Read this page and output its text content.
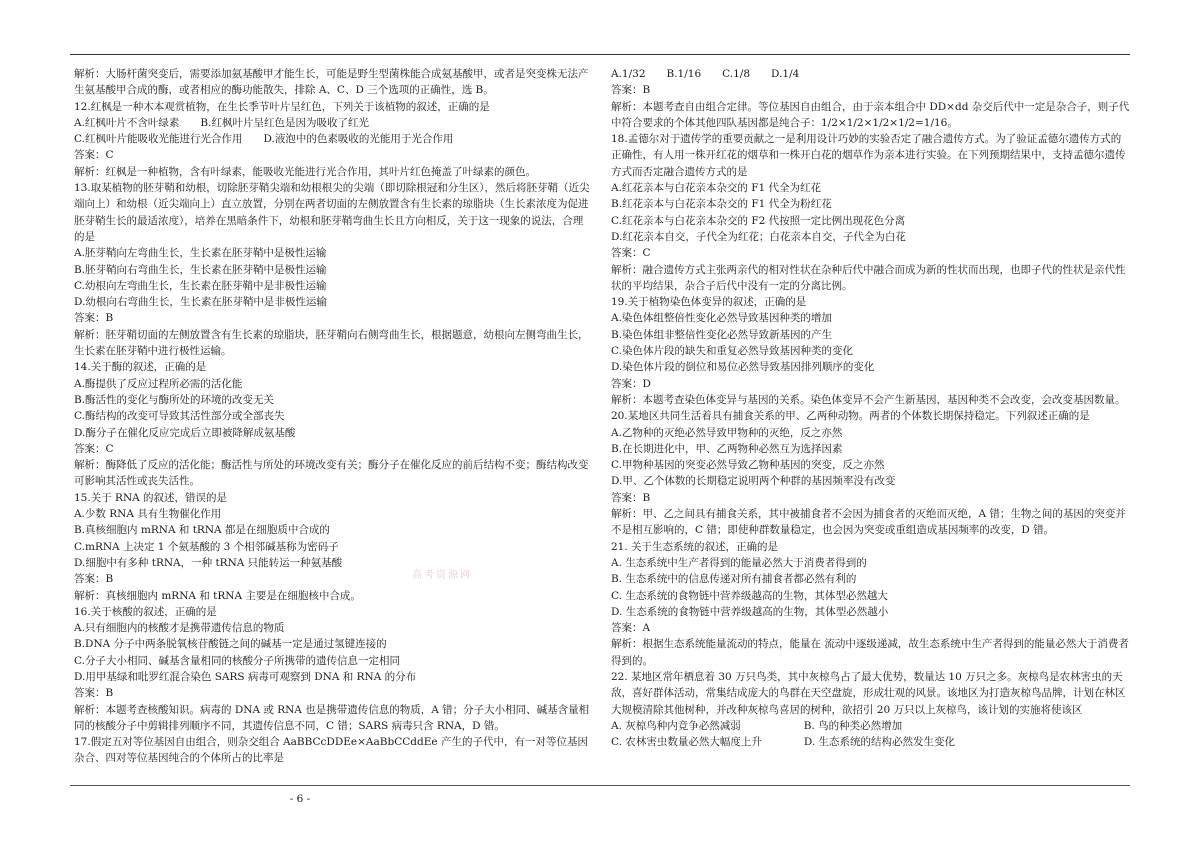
解析：大肠杆菌突变后，需要添加氨基酸甲才能生长，可能是野生型菌株能合成氨基酸甲，或者是突变株无法产生氨基酸甲合成的酶，或者相应的酶功能散失，排除 A、C、D 三个选项的正确性，选 B。

12.红枫是一种木本观赏植物，在生长季节叶片呈红色，下列关于该植物的叙述，正确的是

A.红枫叶片不含叶绿素　　B.红枫叶片呈红色是因为吸收了红光

C.红枫叶片能吸收光能进行光合作用　　D.液泡中的色素吸收的光能用于光合作用

答案：C

解析：红枫是一种植物，含有叶绿素，能吸收光能进行光合作用，其叶片红色掩盖了叶绿素的颜色。

13.取某植物的胚芽鞘和幼根，切除胚芽鞘尖端和幼根根尖的尖端（即切除根冠和分生区），然后将胚芽鞘（近尖端向上）和幼根（近尖端向上）直立放置，分别在两者切面的左侧放置含有生长素的琼脂块（生长素浓度为促进胚芽鞘生长的最适浓度），培养在黑暗条件下，幼根和胚芽鞘弯曲生长且方向相反，关于这一现象的说法，合理的是

A.胚芽鞘向左弯曲生长，生长素在胚芽鞘中是极性运输

B.胚芽鞘向右弯曲生长，生长素在胚芽鞘中是极性运输

C.幼根向左弯曲生长，生长素在胚芽鞘中是非极性运输

D.幼根向右弯曲生长，生长素在胚芽鞘中是非极性运输

答案：B

解析：胚芽鞘切面的左侧放置含有生长素的琼脂块，胚芽鞘向右侧弯曲生长，根据题意，幼根向左侧弯曲生长，生长素在胚芽鞘中进行极性运输。

14.关于酶的叙述，正确的是

A.酶提供了反应过程所必需的活化能

B.酶活性的变化与酶所处的环境的改变无关

C.酶结构的改变可导致其活性部分或全部丧失

D.酶分子在催化反应完成后立即被降解成氨基酸

答案：C

解析：酶降低了反应的活化能；酶活性与所处的环境改变有关；酶分子在催化反应的前后结构不变；酶结构改变可影响其活性或丧失活性。

15.关于 RNA 的叙述，错误的是

A.少数 RNA 具有生物催化作用

B.真核细胞内 mRNA 和 tRNA 都是在细胞质中合成的

C.mRNA 上决定 1 个氨基酸的 3 个相邻碱基称为密码子

D.细胞中有多种 tRNA，一种 tRNA 只能转运一种氨基酸

答案：B

解析：真核细胞内 mRNA 和 tRNA 主要是在细胞核中合成。

16.关于核酸的叙述，正确的是

A.只有细胞内的核酸才是携带遗传信息的物质

B.DNA 分子中两条脱氧核苷酸链之间的碱基一定是通过氢键连接的

C.分子大小相同、碱基含量相同的核酸分子所携带的遗传信息一定相同

D.用甲基绿和吡罗红混合染色 SARS 病毒可观察到 DNA 和 RNA 的分布

答案：B

解析：本题考查核酸知识。病毒的 DNA 或 RNA 也是携带遗传信息的物质，A 错；分子大小相同、碱基含量相同的核酸分子中剪辑排列顺序不同，其遗传信息不同，C 错；SARS 病毒只含 RNA，D 错。

17.假定五对等位基因自由组合，则杂交组合 AaBBCcDDEe×AaBbCCddEe 产生的子代中，有一对等位基因杂合、四对等位基因纯合的个体所占的比率是

A.1/32　　B.1/16　　C.1/8　　D.1/4

答案：B

解析：本题考查自由组合定律。等位基因自由组合，由于亲本组合中 DD×dd 杂交后代中一定是杂合子，则子代中符合要求的个体其他四队基因都是纯合子：1/2×1/2×1/2×1/2=1/16。

18.孟德尔对于遗传学的重要贡献之一是利用设计巧妙的实验否定了融合遗传方式。为了验证孟德尔遗传方式的正确性，有人用一株开红花的烟草和一株开白花的烟草作为亲本进行实验。在下列预期结果中，支持孟德尔遗传方式而否定融合遗传方式的是

A.红花亲本与白花亲本杂交的 F1 代全为红花

B.红花亲本与白花亲本杂交的 F1 代全为粉红花

C.红花亲本与白花亲本杂交的 F2 代按照一定比例出现花色分离

D.红花亲本自交，子代全为红花；白花亲本自交，子代全为白花

答案：C

解析：融合遗传方式主张两亲代的相对性状在杂种后代中融合而成为新的性状而出现，也即子代的性状是亲代性状的平均结果，杂合子后代中没有一定的分离比例。

19.关于植物染色体变异的叙述，正确的是

A.染色体组整倍性变化必然导致基因种类的增加

B.染色体组非整倍性变化必然导致新基因的产生

C.染色体片段的缺失和重复必然导致基因种类的变化

D.染色体片段的倒位和易位必然导致基因排列顺序的变化

答案：D

解析：本题考查染色体变异与基因的关系。染色体变异不会产生新基因，基因种类不会改变，会改变基因数量。

20.某地区共同生活着具有捕食关系的甲、乙两种动物。两者的个体数长期保持稳定。下列叙述正确的是

A.乙物种的灭绝必然导致甲物种的灭绝，反之亦然

B.在长期进化中，甲、乙两物种必然互为选择因素

C.甲物种基因的突变必然导致乙物种基因的突变，反之亦然

D.甲、乙个体数的长期稳定说明两个种群的基因频率没有改变

答案：B

解析：甲、乙之间具有捕食关系，其中被捕食者不会因为捕食者的灭绝而灭绝，A 错；生物之间的基因的突变并不是相互影响的，C 错；即使种群数量稳定，也会因为突变或重组造成基因频率的改变，D 错。

21. 关于生态系统的叙述，正确的是

A. 生态系统中生产者得到的能量必然大于消费者得到的

B. 生态系统中的信息传递对所有捕食者都必然有利的

C. 生态系统的食物链中营养级越高的生物，其体型必然越大

D. 生态系统的食物链中营养级越高的生物，其体型必然越小

答案：A

解析：根据生态系统能量流动的特点，能量在 流动中逐级递减，故生态系统中生产者得到的能量必然大于消费者得到的。

22. 某地区常年栖息着 30 万只鸟类，其中灰椋鸟占了最大优势，数量达 10 万只之多。灰椋鸟是农林害虫的天敌，喜好群体活动，常集结成庞大的鸟群在天空盘旋，形成壮观的风景。该地区为打造灰椋鸟品牌，计划在林区大规模清除其他树种，并改种灰椋鸟喜居的树种，欲招引 20 万只以上灰椋鸟，该计划的实施将使该区

A. 灰椋鸟种内竞争必然减弱　　　　　　B. 鸟的种类必然增加

C. 农林害虫数量必然大幅度上升　　　　D. 生态系统的结构必然发生变化

高考资源网
- 6 -
